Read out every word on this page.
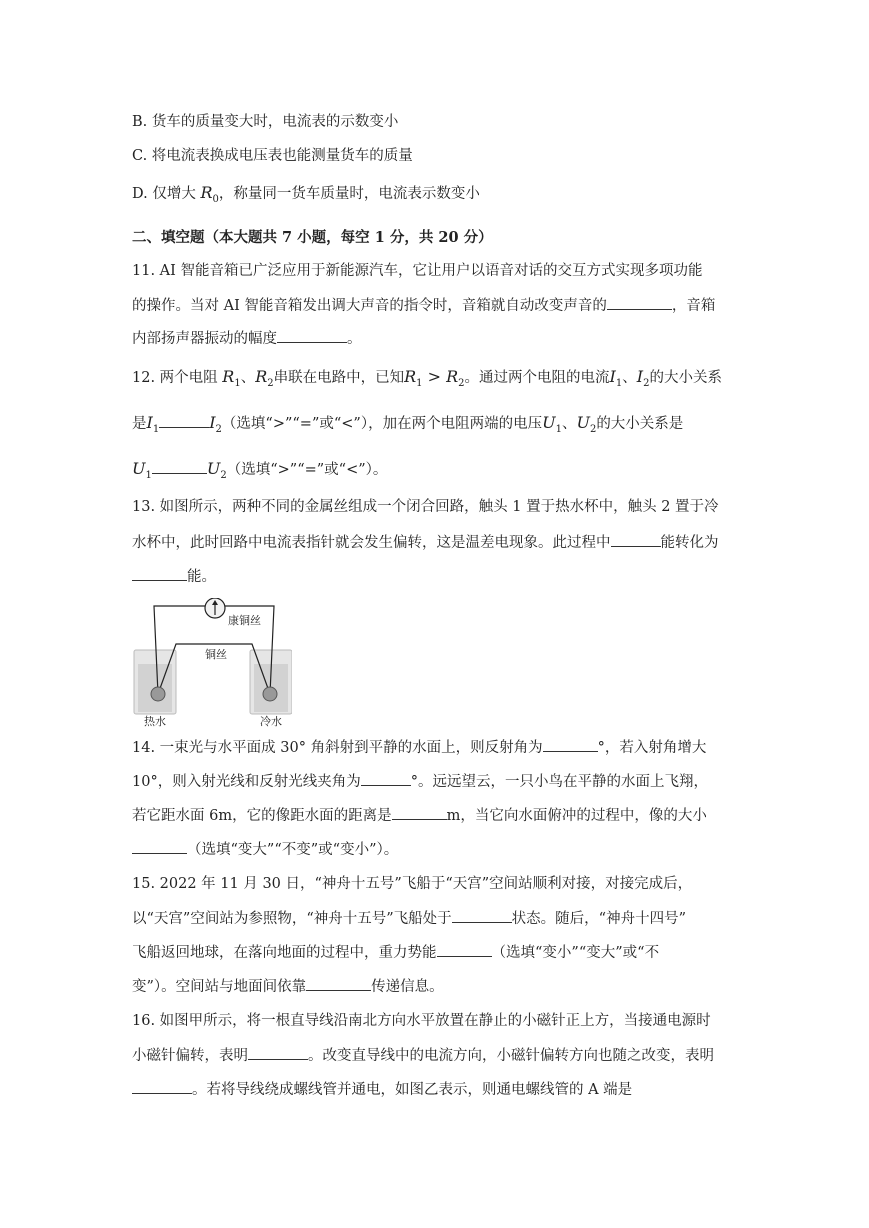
B. 货车的质量变大时，电流表的示数变小
C. 将电流表换成电压表也能测量货车的质量
D. 仅增大 $R_0$，称量同一货车质量时，电流表示数变小
二、填空题（本大题共 7 小题，每空 1 分，共 20 分）
11. AI 智能音箱已广泛应用于新能源汽车，它让用户以语音对话的交互方式实现多项功能
的操作。当对 AI 智能音箱发出调大声音的指令时，音箱就自动改变声音的	，音箱
内部扬声器振动的幅度	。
12. 两个电阻 $R_1$、$R_2$串联在电路中，已知$R_1 > R_2$。通过两个电阻的电流$I_1$、$I_2$的大小关系
是$I_1$	$I_2$（选填“>”“=”或“<”），加在两个电阻两端的电压$U_1$、$U_2$的大小关系是
$U_1$	$U_2$（选填“>”“=”或“<”）。
13. 如图所示，两种不同的金属丝组成一个闭合回路，触头 1 置于热水杯中，触头 2 置于冷
水杯中，此时回路中电流表指针就会发生偏转，这是温差电现象。此过程中	能转化为
能。
康铜丝
铜丝
热水	冷水
14. 一束光与水平面成 30° 角斜射到平静的水面上，则反射角为	°，若入射角增大
10°，则入射光线和反射光线夹角为	°。远远望云，一只小鸟在平静的水面上飞翔，
若它距水面 6m，它的像距水面的距离是	m，当它向水面俯冲的过程中，像的大小
（选填“变大”“不变”或“变小”）。
15. 2022 年 11 月 30 日，“神舟十五号”飞船于“天宫”空间站顺利对接，对接完成后，
以“天宫”空间站为参照物，“神舟十五号”飞船处于	状态。随后，“神舟十四号”
飞船返回地球，在落向地面的过程中，重力势能	（选填“变小”“变大”或“不
变”）。空间站与地面间依靠	传递信息。
16. 如图甲所示，将一根直导线沿南北方向水平放置在静止的小磁针正上方，当接通电源时
小磁针偏转，表明	。改变直导线中的电流方向，小磁针偏转方向也随之改变，表明
。若将导线绕成螺线管并通电，如图乙表示，则通电螺线管的 A 端是
